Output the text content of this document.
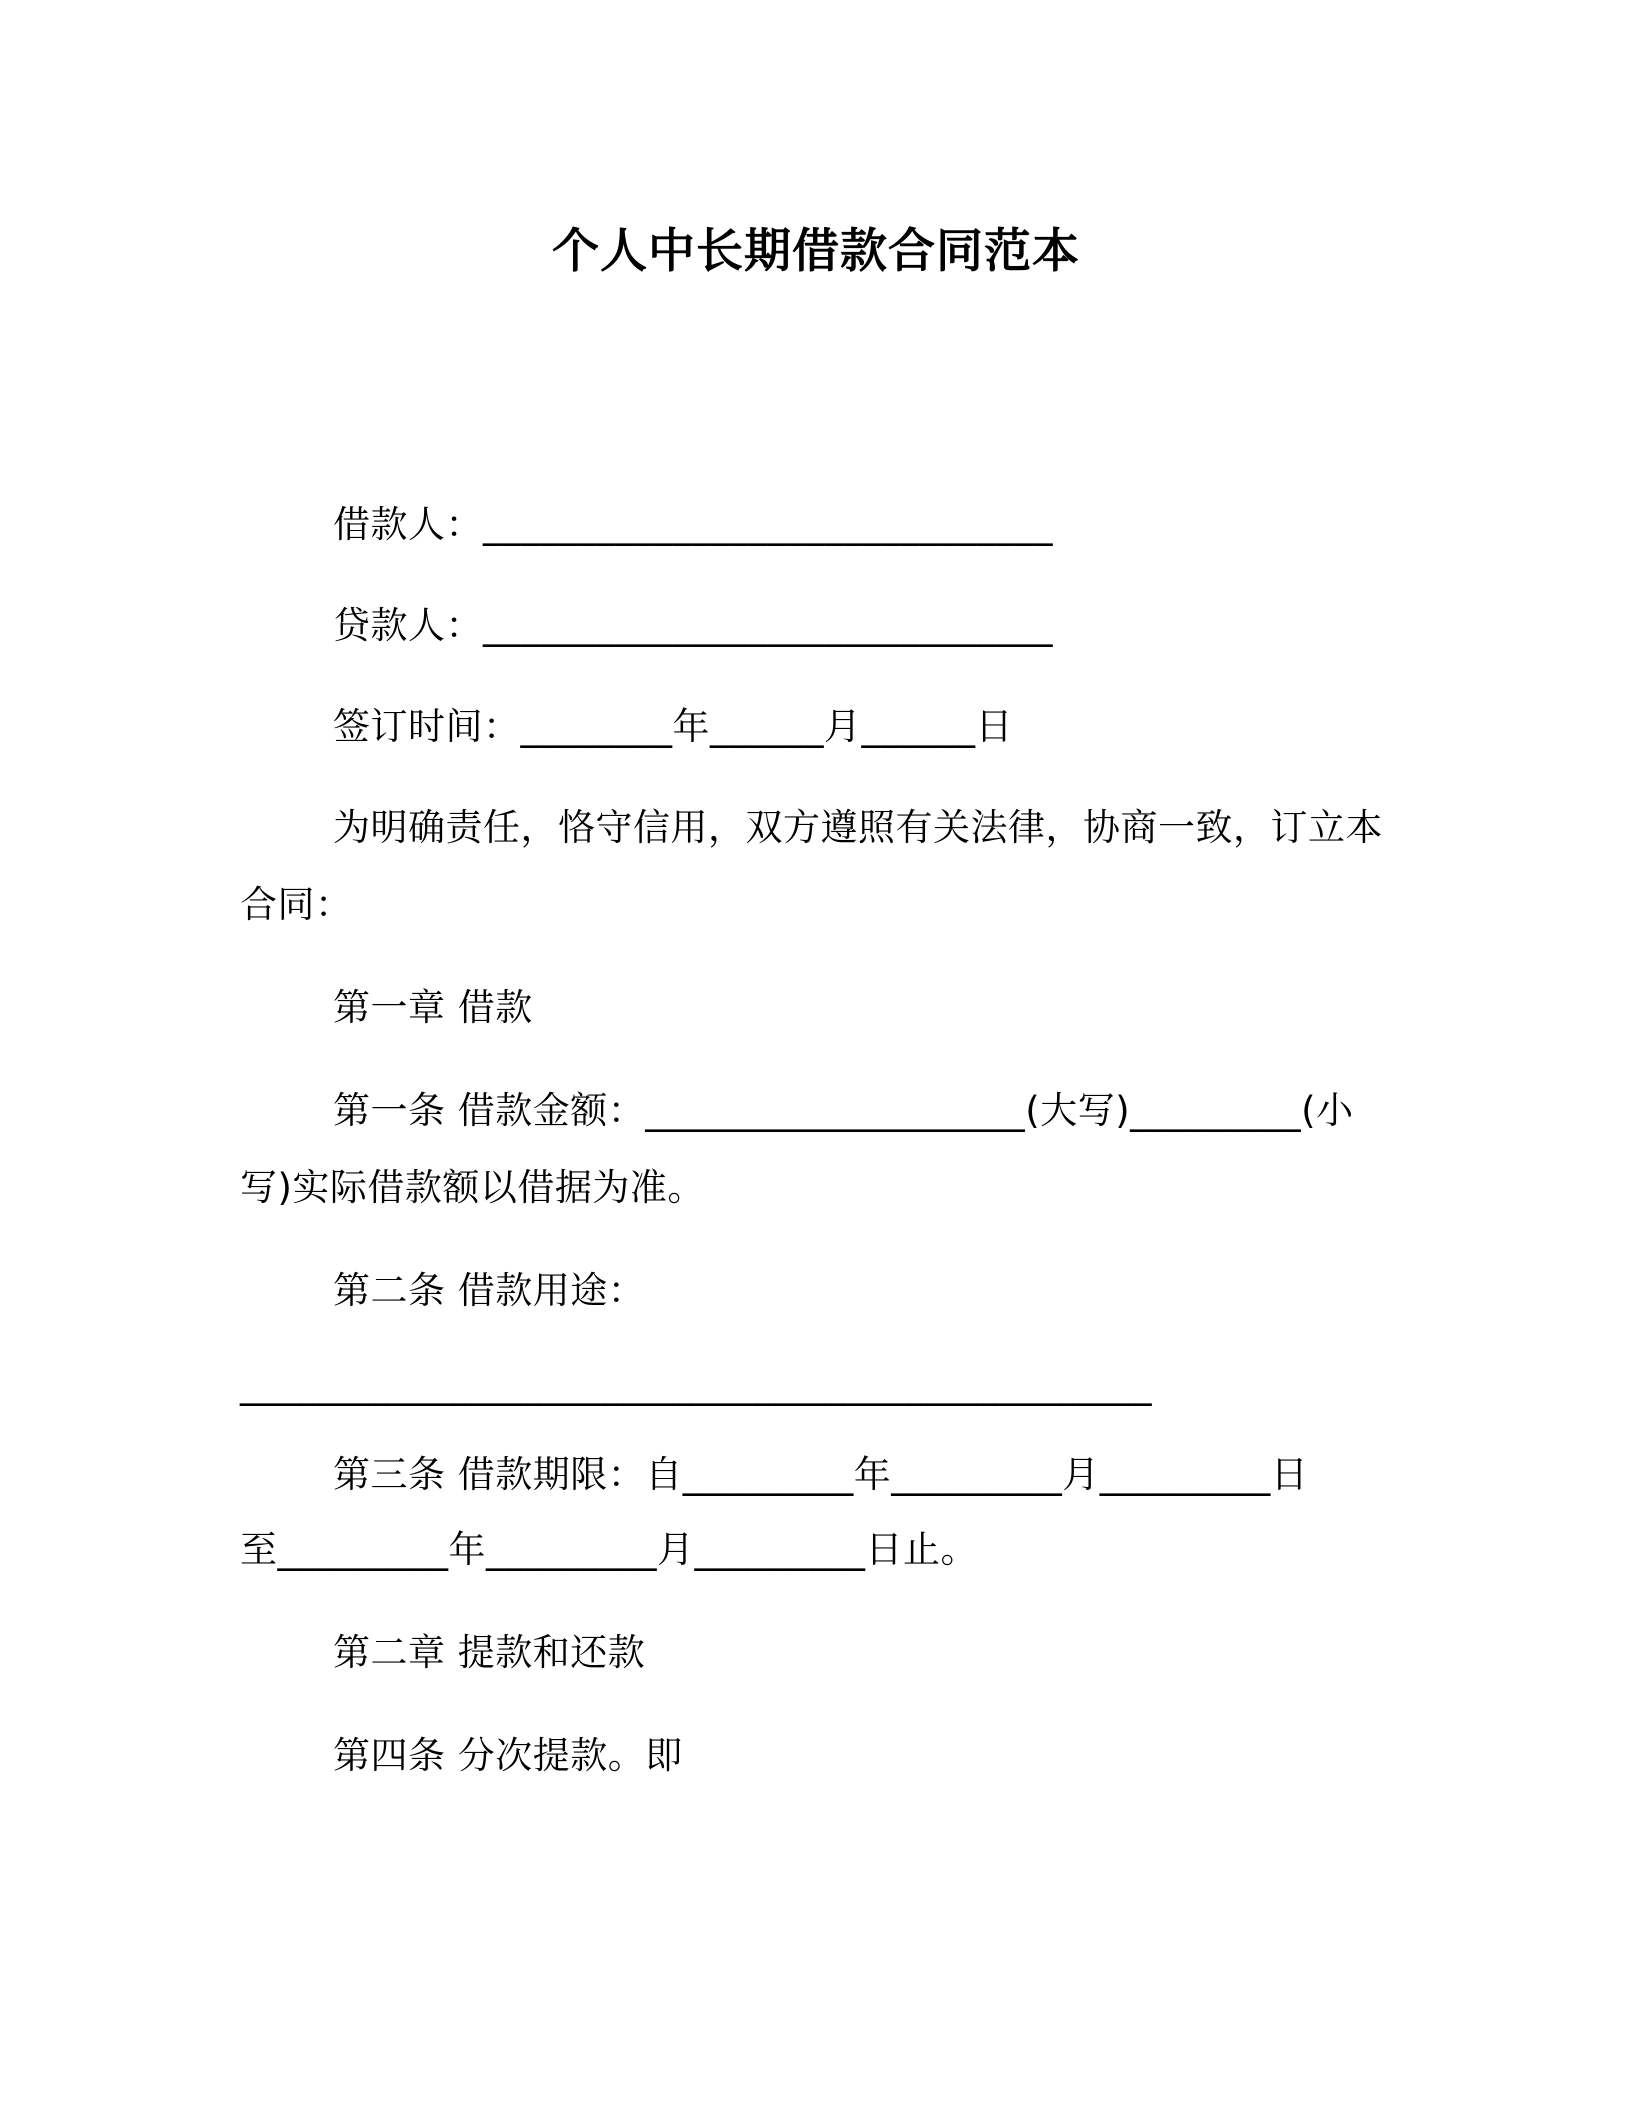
个人中长期借款合同范本
借款人：______________________________
贷款人：______________________________
签订时间：________年______月______日
为明确责任，恪守信用，双方遵照有关法律，协商一致，订立本
合同：
第一章 借款
第一条 借款金额：____________________(大写)_________(小
写)实际借款额以借据为准。
第二条 借款用途：
________________________________________________
第三条 借款期限：自_________年_________月_________日
至_________年_________月_________日止。
第二章 提款和还款
第四条 分次提款。即
